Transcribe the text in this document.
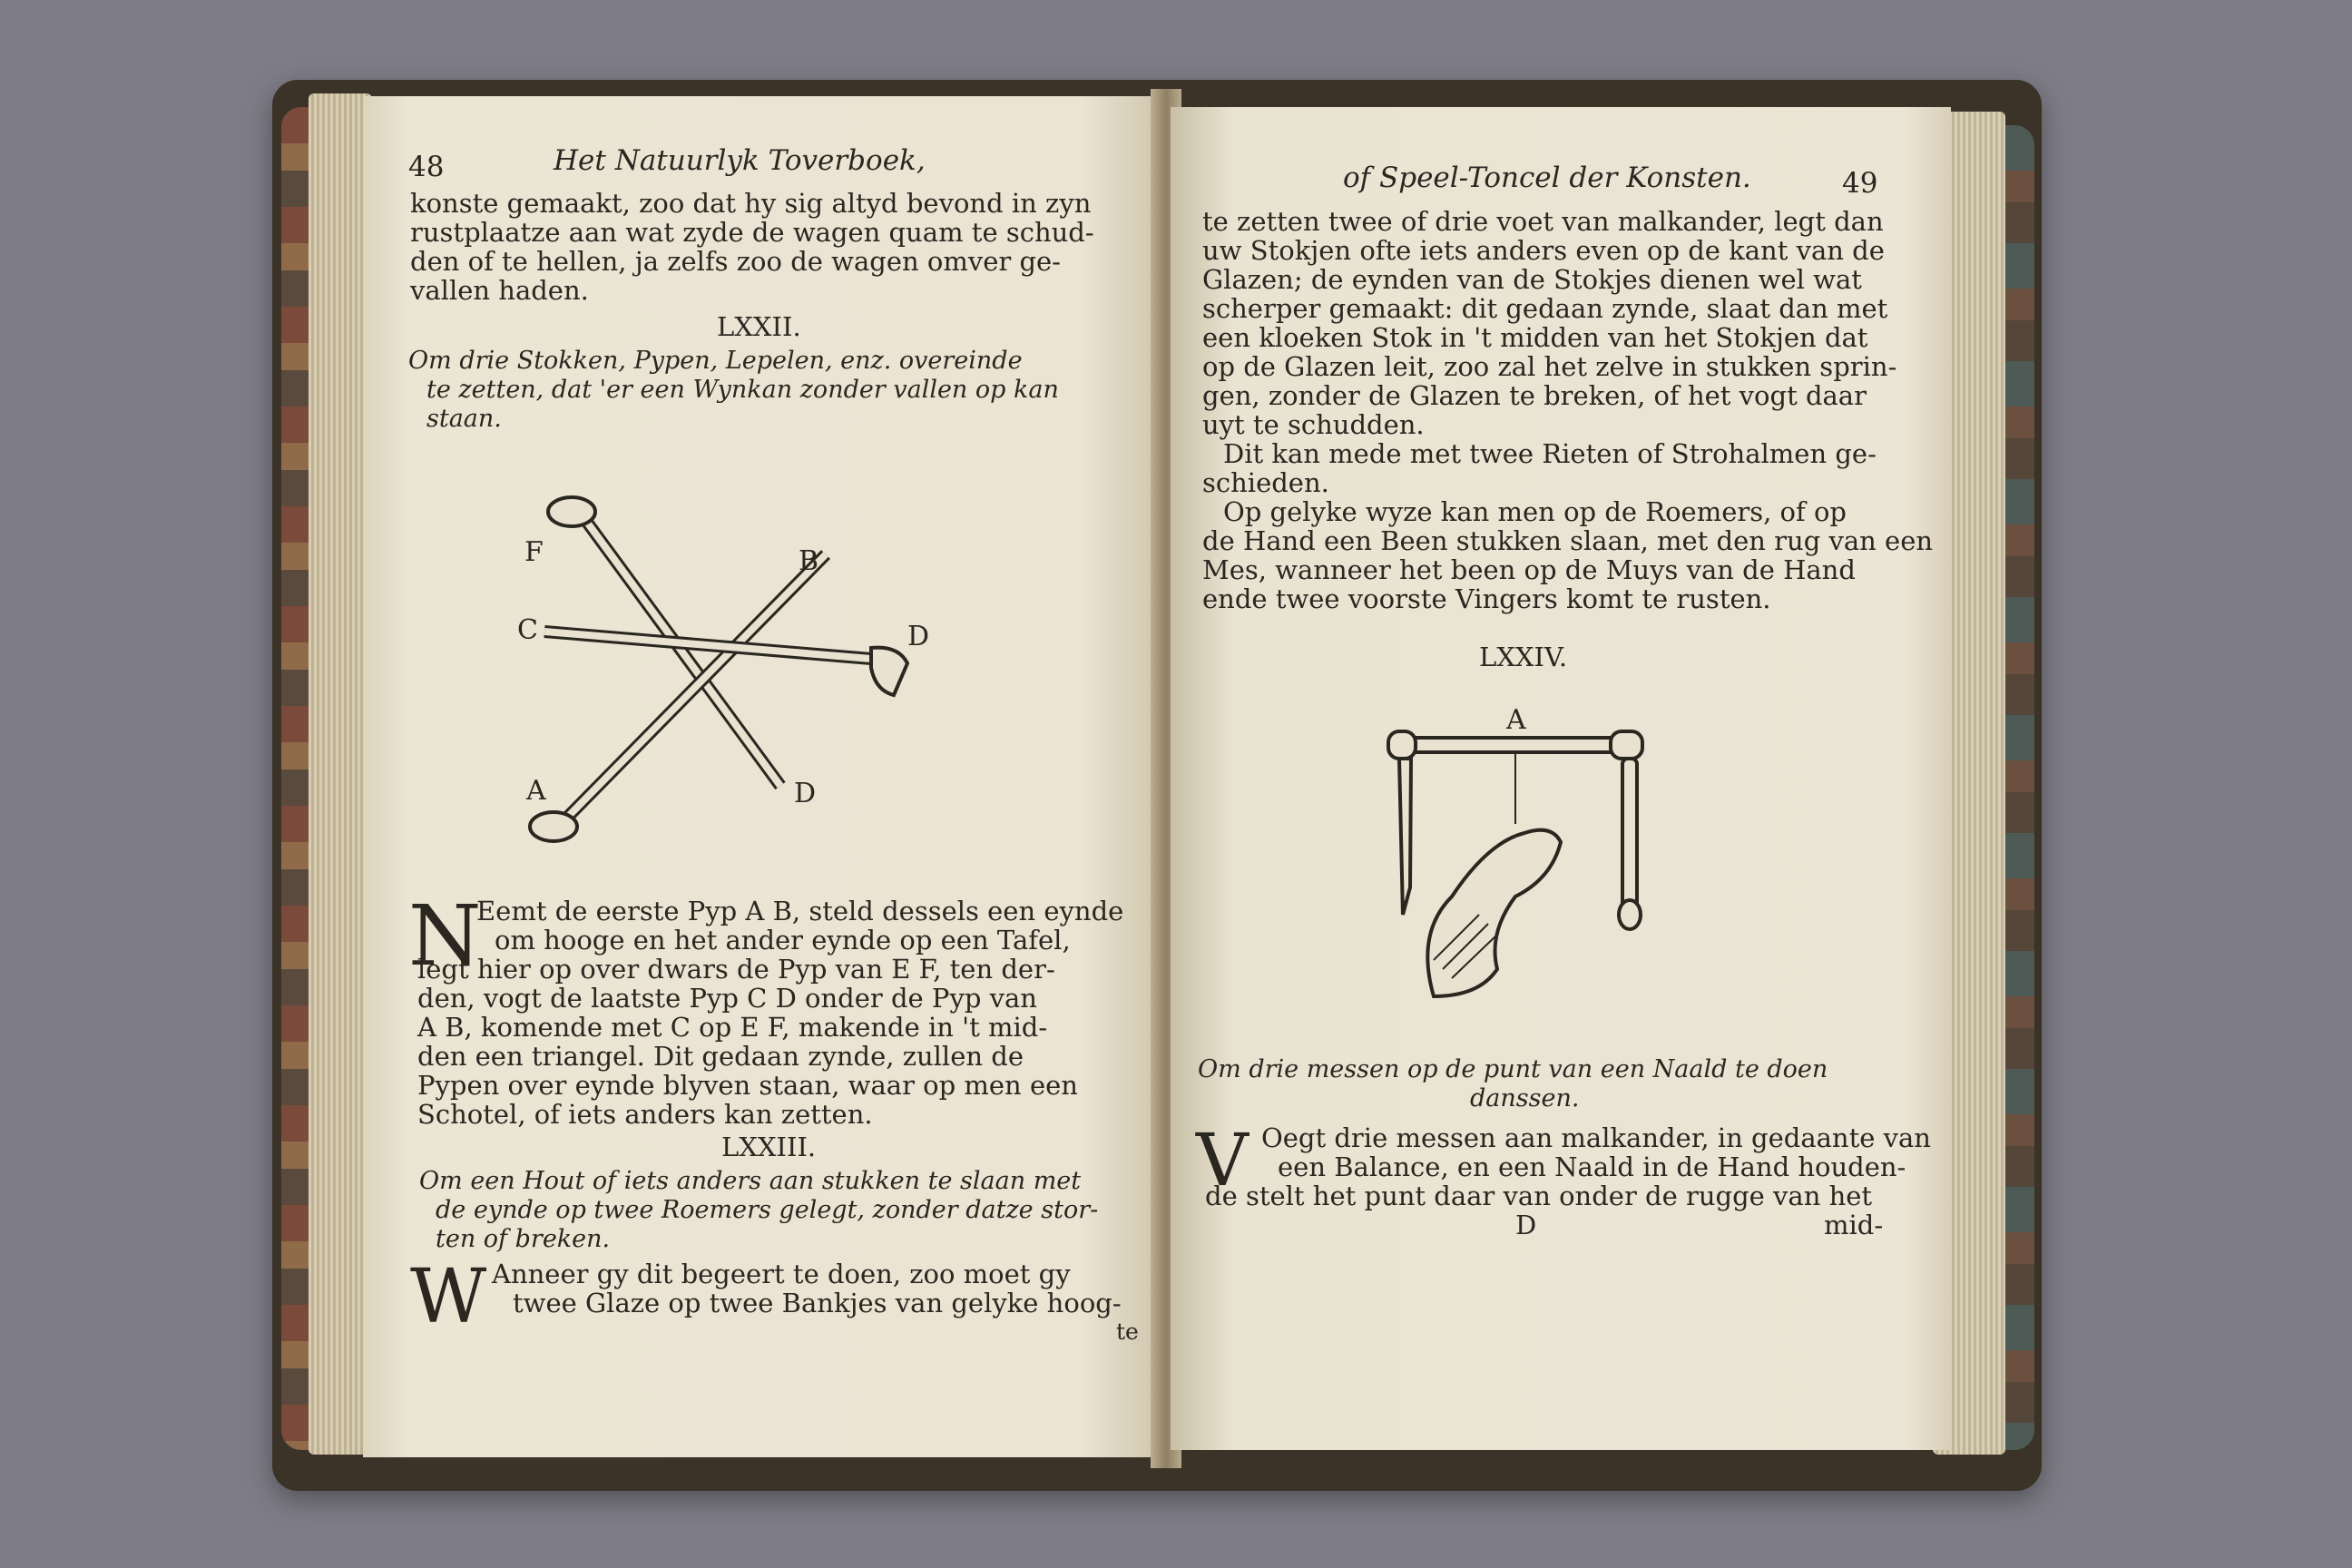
48	Het Natuurlyk Toverboek,
konste gemaakt, zoo dat hy sig altyd bevond in zyn
rustplaatze aan wat zyde de wagen quam te schud-
den of te hellen, ja zelfs zoo de wagen omver ge-
vallen haden.
LXXII.
Om drie Stokken, Pypen, Lepelen, enz. overeinde
te zetten, dat 'er een Wynkan zonder vallen op kan
staan.
F	B
C	D
A	D
N
Eemt de eerste Pyp A B, steld dessels een eynde
om hooge en het ander eynde op een Tafel,
legt hier op over dwars de Pyp van E F, ten der-
den, vogt de laatste Pyp C D onder de Pyp van
A B, komende met C op E F, makende in 't mid-
den een triangel. Dit gedaan zynde, zullen de
Pypen over eynde blyven staan, waar op men een
Schotel, of iets anders kan zetten.
LXXIII.
Om een Hout of iets anders aan stukken te slaan met
de eynde op twee Roemers gelegt, zonder datze stor-
ten of breken.
W Anneer gy dit begeert te doen, zoo moet gy
twee Glaze op twee Bankjes van gelyke hoog-
te
of Speel-Toncel der Konsten.	49
te zetten twee of drie voet van malkander, legt dan
uw Stokjen ofte iets anders even op de kant van de
Glazen; de eynden van de Stokjes dienen wel wat
scherper gemaakt: dit gedaan zynde, slaat dan met
een kloeken Stok in 't midden van het Stokjen dat
op de Glazen leit, zoo zal het zelve in stukken sprin-
gen, zonder de Glazen te breken, of het vogt daar
uyt te schudden.
Dit kan mede met twee Rieten of Strohalmen ge-
schieden.
Op gelyke wyze kan men op de Roemers, of op
de Hand een Been stukken slaan, met den rug van een
Mes, wanneer het been op de Muys van de Hand
ende twee voorste Vingers komt te rusten.
LXXIV.
A
Om drie messen op de punt van een Naald te doen
danssen.
V Oegt drie messen aan malkander, in gedaante van
een Balance, en een Naald in de Hand houden-
de stelt het punt daar van onder de rugge van het
D	mid-
